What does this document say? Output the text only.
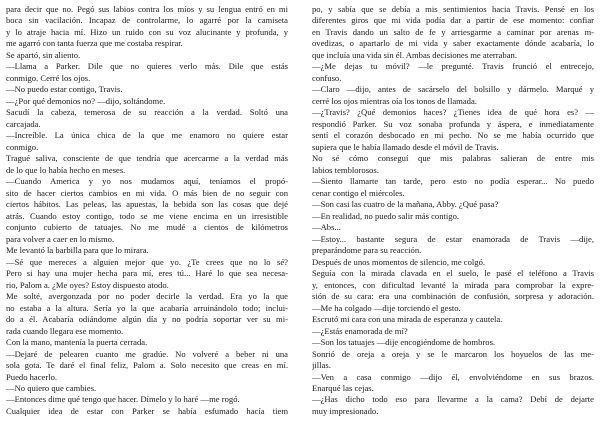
para decir que no. Pegó sus labios contra los míos y su lengua entró en mi

boca sin vacilación. Incapaz de controlarme, lo agarré por la camiseta

y lo atraje hacia mí. Hizo un ruido con su voz alucinante y profunda, y

me agarró con tanta fuerza que me costaba respirar.

Se apartó, sin aliento.

—Llama a Parker. Dile que no quieres verlo más. Dile que estás

conmigo. Cerré los ojos.

—No puedo estar contigo, Travis.

—¿Por qué demonios no? —dijo, soltándome.

Sacudí la cabeza, temerosa de su reacción a la verdad. Soltó una

carcajada.

—Increíble. La única chica de la que me enamoro no quiere estar

conmigo.

Tragué saliva, consciente de que tendría que acercarme a la verdad más

de lo que lo había hecho en meses.

—Cuando America y yo nos mudamos aquí, teníamos el propó-

sito de hacer ciertos cambios en mi vida. O más bien de no seguir con

ciertos hábitos. Las peleas, las apuestas, la bebida son las cosas que dejé

atrás. Cuando estoy contigo, todo se me viene encima en un irresistible

conjunto cubierto de tatuajes. No me mudé a cientos de kilómetros

para volver a caer en lo mismo.

Me levantó la barbilla para que lo mirara.

—Sé que mereces a alguien mejor que yo. ¿Te crees que no lo sé?

Pero si hay una mujer hecha para mí, eres tú... Haré lo que sea necesa-

rio, Palom a. ¿Me oyes? Estoy dispuesto atodo.

Me solté, avergonzada por no poder decirle la verdad. Era yo la que

no estaba a la altura. Sería yo la que acabaría arruinándolo todo; inclui-

do a él. Acabaría odiándome algún día y no podría soportar ver su mi-

rada cuando llegara ese momento.

Con la mano, mantenía la puerta cerrada.

—Dejaré de pelearen cuanto me gradúe. No volveré a beber ni una

sola gota. Te daré el final feliz, Palom a. Solo necesito que creas en mí.

Puedo hacerlo.

—No quiero que cambies.

—Entonces dime qué tengo que hacer. Dímelo y lo haré —me rogó.

Cualquier idea de estar con Parker se había esfumado hacía tiem

po, y sabía que se debía a mis sentimientos hacia Travis. Pensé en los

diferentes giros que mi vida podía dar a partir de ese momento: confiar

en Travis dando un salto de fe y arriesgarme a caminar por arenas m-

ovedizas, o apartarlo de mi vida y saber exactamente dónde acabaría, lo

que incluía una vida sin él. Ambas decisiones me aterraban.

—¿Me dejas tu móvil? —le pregunté. Travis frunció el entrecejo,

confuso.

—Claro —dijo, antes de sacárselo del bolsillo y dármelo. Marqué y

cerré los ojos mientras oía los tonos de llamada.

—¿Travis? ¿Qué demonios haces? ¿Tienes idea de qué hora es? —

respondió Parker. Su voz sonaba profunda y áspera, e inmediatamente

sentí el corazón desbocado en mi pecho. No se me había ocurrido que

supiera que le había llamado desde el móvil de Travis.

No sé cómo conseguí que mis palabras salieran de entre mis

labios temblorosos.

—Siento llamarte tan tarde, pero esto no podía esperar... No puedo

cenar contigo el miércoles.

—Son casi las cuatro de la mañana, Abby. ¿Qué pasa?

—En realidad, no puedo salir más contigo.

—Abs...

—Estoy... bastante segura de estar enamorada de Travis —dije,

preparándome para su reacción.

Después de unos momentos de silencio, me colgó.

Seguía con la mirada clavada en el suelo, le pasé el teléfono a Travis

y, entonces, con dificultad levanté la mirada para comprobar la expre-

sión de su cara: era una combinación de confusión, sorpresa y adoración.

—Me ha colgado —dije torciendo el gesto.

Escrutó mi cara con una mirada de esperanza y cautela.

—¿Estás enamorada de mí?

—Son los tatuajes —dije encogiéndome de hombros.

Sonrió de oreja a oreja y se le marcaron los hoyuelos de las me-

jillas.

—Ven a casa conmigo —dijo él, envolviéndome en sus brazos.

Enarqué las cejas.

—¿Has dicho todo eso para llevarme a la cama? Debí de dejarte

muy impresionado.
